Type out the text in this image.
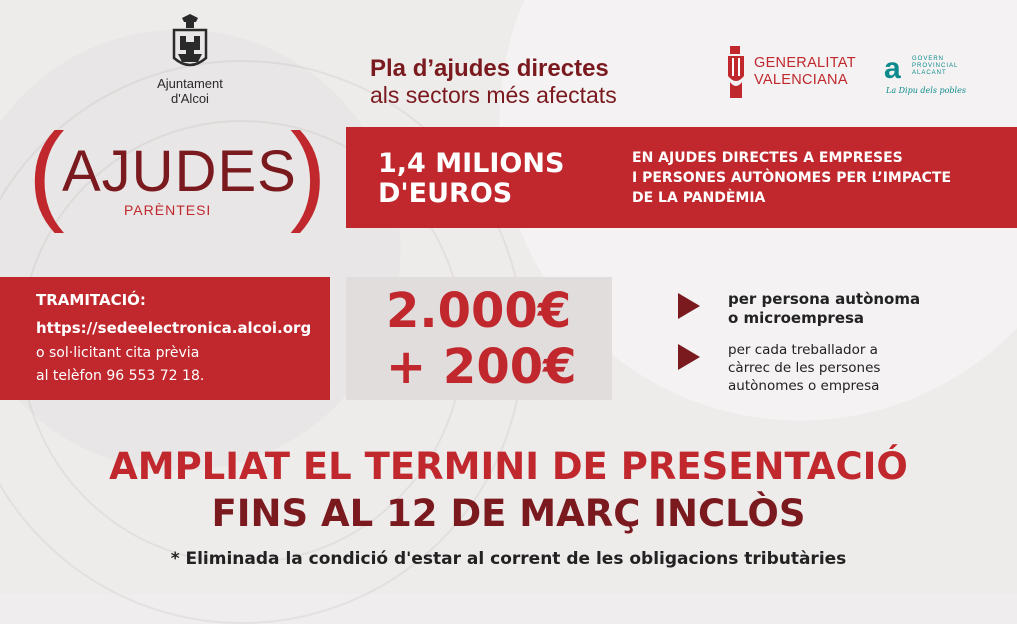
Ajuntament
d'Alcoi
Pla d’ajudes directes
als sectors més afectats
GENERALITAT
VALENCIANA a GOVERN
PROVINCIAL
ALACANT
La Dipu dels pobles
(
AJUDES
PARÈNTESI ) 1,4 MILIONS
D'EUROS
EN AJUDES DIRECTES A EMPRESES
I PERSONES AUTÒNOMES PER L’IMPACTE
DE LA PANDÈMIA
TRAMITACIÓ:
https://sedeelectronica.alcoi.org
o sol·licitant cita prèvia
al telèfon 96 553 72 18.
2.000€
+ 200€
per persona autònoma
o microempresa
per cada treballador a
càrrec de les persones
autònomes o empresa
AMPLIAT EL TERMINI DE PRESENTACIÓ
FINS AL 12 DE MARÇ INCLÒS
* Eliminada la condició d'estar al corrent de les obligacions tributàries
